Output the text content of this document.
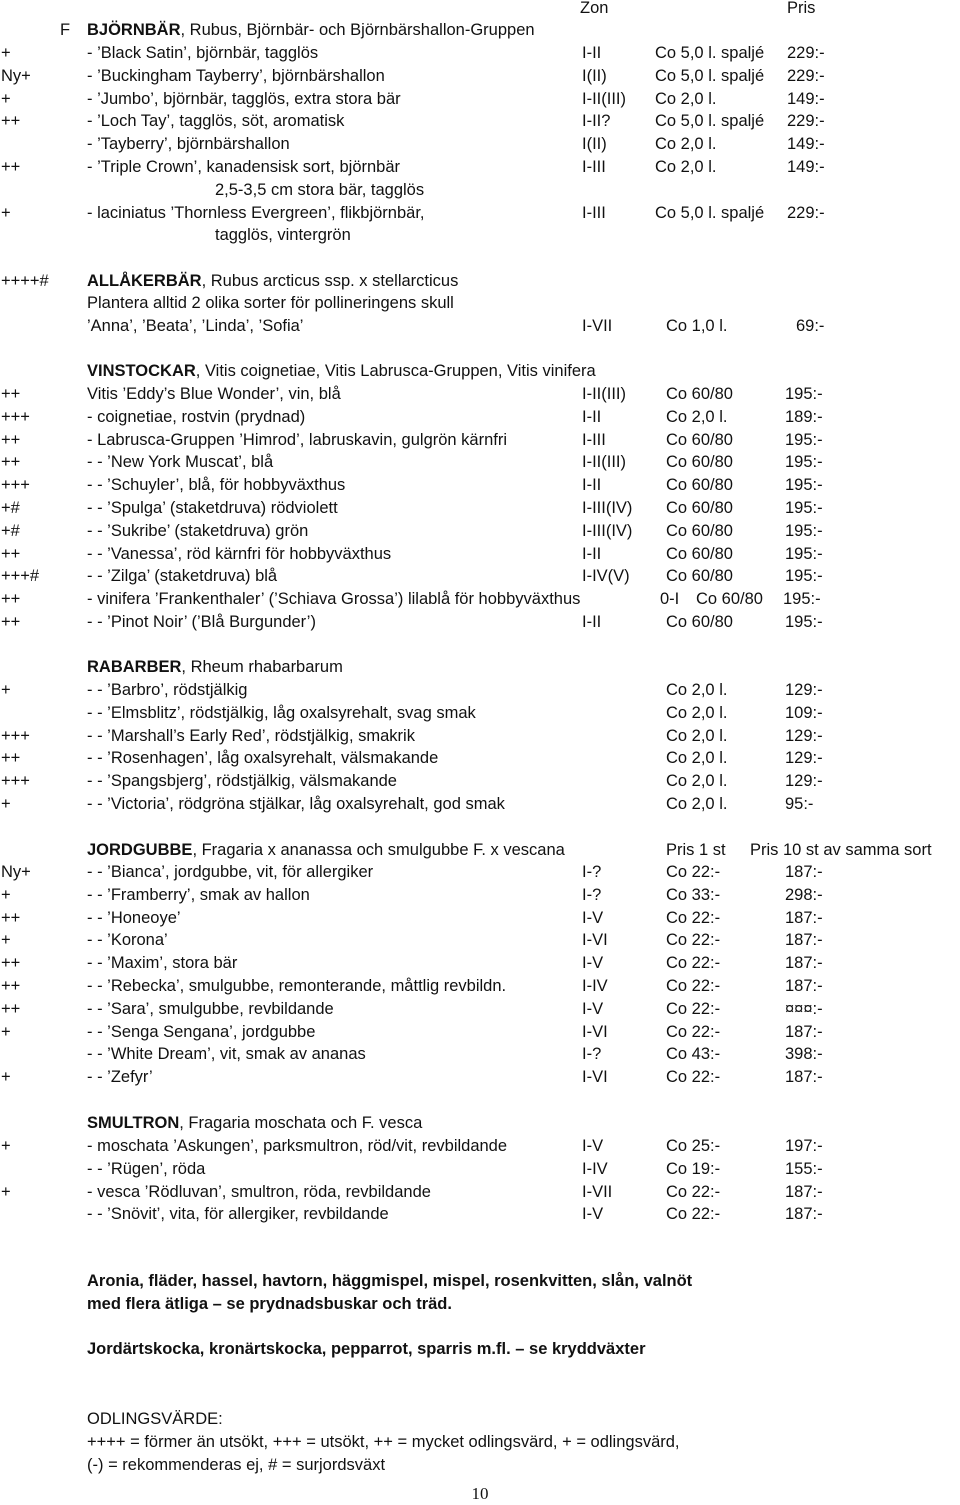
Zon	Pris
F BJÖRNBÄR, Rubus, Björnbär- och Björnbärshallon-Gruppen
+	- ’Black Satin’, björnbär, tagglös	I-II	Co 5,0 l. spaljé 229:-
Ny+	- ’Buckingham Tayberry’, björnbärshallon	I(II)	Co 5,0 l. spaljé 229:-
+	- ’Jumbo’, björnbär, tagglös, extra stora bär	I-II(III) Co 2,0 l.	149:-
++	- ’Loch Tay’, tagglös, söt, aromatisk	I-II?	Co 5,0 l. spaljé 229:-
- ’Tayberry’, björnbärshallon	I(II)	Co 2,0 l.	149:-
++	- ’Triple Crown’, kanadensisk sort, björnbär	I-III	Co 2,0 l.	149:-
2,5-3,5 cm stora bär, tagglös
+	- laciniatus ’Thornless Evergreen’, flikbjörnbär,	I-III	Co 5,0 l. spaljé 229:-
tagglös, vintergrön
++++# ALLÅKERBÄR, Rubus arcticus ssp. x stellarcticus
Plantera alltid 2 olika sorter för pollineringens skull
’Anna’, ’Beata’, ’Linda’, ’Sofia’	I-VII	Co 1,0 l.	69:-
VINSTOCKAR, Vitis coignetiae, Vitis Labrusca-Gruppen, Vitis vinifera
++	Vitis ’Eddy’s Blue Wonder’, vin, blå	I-II(III) Co 60/80	195:-
+++	- coignetiae, rostvin (prydnad)	I-II	Co 2,0 l.	189:-
++	- Labrusca-Gruppen ’Himrod’, labruskavin, gulgrön kärnfri	I-III	Co 60/80	195:-
++	- - ’New York Muscat’, blå	I-II(III) Co 60/80	195:-
+++	- - ’Schuyler’, blå, för hobbyväxthus	I-II	Co 60/80	195:-
+#	- - ’Spulga’ (staketdruva) rödviolett	I-III(IV) Co 60/80	195:-
+#	- - ’Sukribe’ (staketdruva) grön	I-III(IV) Co 60/80	195:-
++	- - ’Vanessa’, röd kärnfri för hobbyväxthus	I-II	Co 60/80	195:-
+++#	- - ’Zilga’ (staketdruva) blå	I-IV(V) Co 60/80	195:-
++	- vinifera ’Frankenthaler’ (’Schiava Grossa’) lilablå för hobbyväxthus	0-I Co 60/80 195:-
++	- - ’Pinot Noir’ (’Blå Burgunder’)	I-II	Co 60/80	195:-
RABARBER, Rheum rhabarbarum
+	- - ’Barbro’, rödstjälkig	Co 2,0 l.	129:-
- - ’Elmsblitz’, rödstjälkig, låg oxalsyrehalt, svag smak	Co 2,0 l.	109:-
+++	- - ’Marshall’s Early Red’, rödstjälkig, smakrik	Co 2,0 l.	129:-
++	- - ’Rosenhagen’, låg oxalsyrehalt, välsmakande	Co 2,0 l.	129:-
+++	- - ’Spangsbjerg’, rödstjälkig, välsmakande	Co 2,0 l.	129:-
+	- - ’Victoria’, rödgröna stjälkar, låg oxalsyrehalt, god smak	Co 2,0 l.	95:-
JORDGUBBE, Fragaria x ananassa och smulgubbe F. x vescana	Pris 1 st Pris 10 st av samma sort
Ny+	- - ’Bianca’, jordgubbe, vit, för allergiker	I-?	Co 22:-	187:-
+	- - ’Framberry’, smak av hallon	I-?	Co 33:-	298:-
++	- - ’Honeoye’	I-V	Co 22:-	187:-
+	- - ’Korona’	I-VI	Co 22:-	187:-
++	- - ’Maxim’, stora bär	I-V	Co 22:-	187:-
++	- - ’Rebecka’, smulgubbe, remonterande, måttlig revbildn.	I-IV	Co 22:-	187:-
++	- - ’Sara’, smulgubbe, revbildande	I-V	Co 22:-	¤¤¤:-
+	- - ’Senga Sengana’, jordgubbe	I-VI	Co 22:-	187:-
- - ’White Dream’, vit, smak av ananas	I-?	Co 43:-	398:-
+	- - ’Zefyr’	I-VI	Co 22:-	187:-
SMULTRON, Fragaria moschata och F. vesca
+	- moschata ’Askungen’, parksmultron, röd/vit, revbildande	I-V	Co 25:-	197:-
- - ’Rügen’, röda	I-IV	Co 19:-	155:-
+	- vesca ’Rödluvan’, smultron, röda, revbildande	I-VII	Co 22:-	187:-
- - ’Snövit’, vita, för allergiker, revbildande	I-V	Co 22:-	187:-
Aronia, fläder, hassel, havtorn, häggmispel, mispel, rosenkvitten, slån, valnöt
med flera ätliga – se prydnadsbuskar och träd.
Jordärtskocka, kronärtskocka, pepparrot, sparris m.fl. – se kryddväxter
ODLINGSVÄRDE:
++++ = förmer än utsökt, +++ = utsökt, ++ = mycket odlingsvärd, + = odlingsvärd,
(-) = rekommenderas ej, # = surjordsväxt
10
